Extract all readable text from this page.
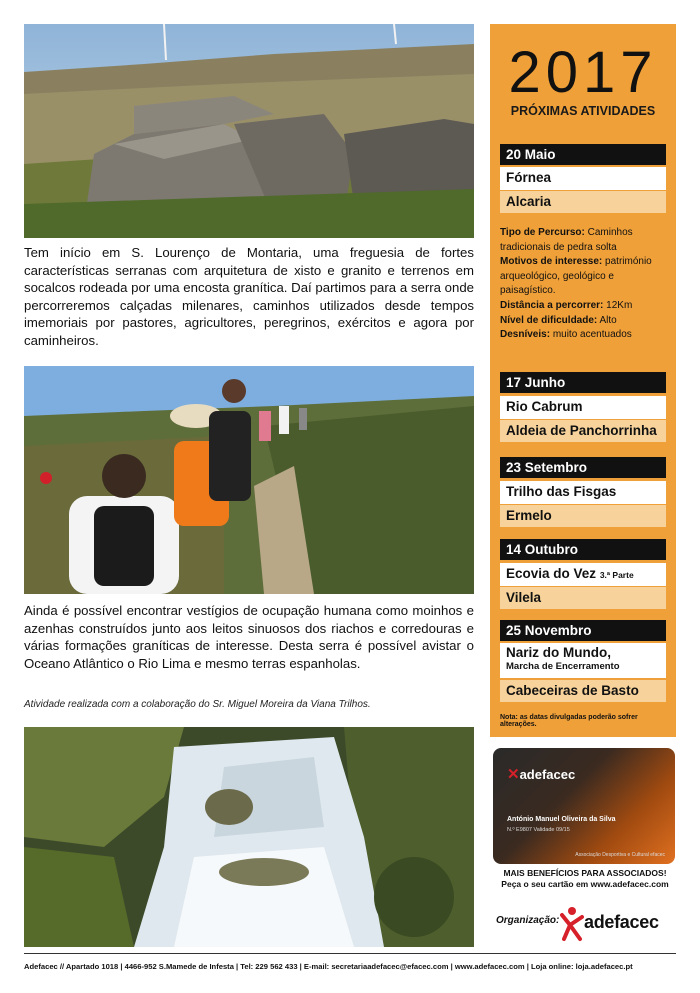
Tem início em S. Lourenço de Montaria, uma freguesia de fortes características serranas com arquitetura de xisto e granito e terrenos em socalcos rodeada por uma encosta granítica. Daí partimos para a serra onde percorreremos calçadas milenares, caminhos utilizados desde tempos imemoriais por pastores, agricultores, peregrinos, exércitos e agora por caminheiros.

Ainda é possível encontrar vestígios de ocupação humana como moinhos e azenhas construídos junto aos leitos sinuosos dos riachos e corredouras e várias formações graníticas de interesse. Desta serra é possível avistar o Oceano Atlântico o Rio Lima e mesmo terras espanholas.

Atividade realizada com a colaboração do Sr. Miguel Moreira da Viana Trilhos.

2017
PRÓXIMAS ATIVIDADES
20 Maio
Fórnea
Alcaria
Tipo de Percurso: Caminhos tradicionais de pedra solta
Motivos de interesse: património arqueológico, geológico e paisagístico.
Distância a percorrer: 12Km
Nível de dificuldade: Alto
Desníveis: muito acentuados
17 Junho
Rio Cabrum
Aldeia de Panchorrinha
23 Setembro
Trilho das Fisgas
Ermelo
14 Outubro
Ecovia do Vez 3.ª Parte
Vilela
25 Novembro
Nariz do Mundo,
Marcha de Encerramento
Cabeceiras de Basto
Nota: as datas divulgadas poderão sofrer alterações.
✕adefacec
António Manuel Oliveira da Silva
N.º E9807 Validade 09/15
Associação Desportiva e Cultural efacec
MAIS BENEFÍCIOS PARA ASSOCIADOS!
Peça o seu cartão em www.adefacec.com
Organização: adefacec
Adefacec // Apartado 1018 | 4466-952 S.Mamede de Infesta | Tel: 229 562 433 | E-mail: secretariaadefacec@efacec.com | www.adefacec.com | Loja online: loja.adefacec.pt
